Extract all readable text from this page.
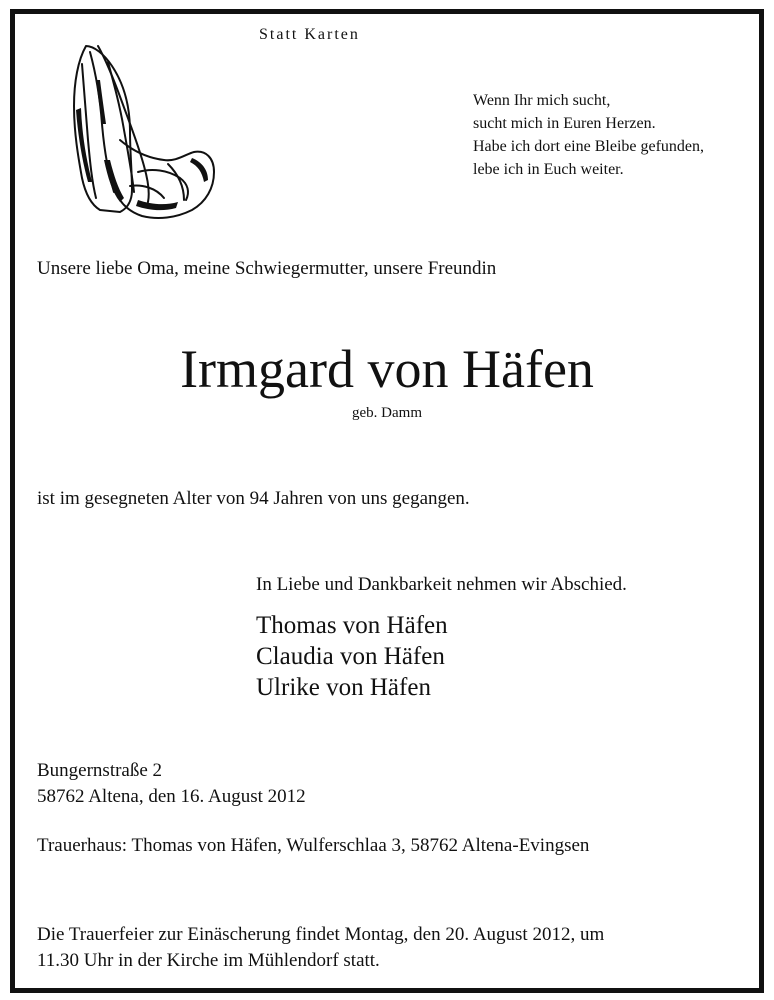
Statt Karten
Wenn Ihr mich sucht,
sucht mich in Euren Herzen.
Habe ich dort eine Bleibe gefunden,
lebe ich in Euch weiter.
Unsere liebe Oma, meine Schwiegermutter, unsere Freundin
Irmgard von Häfen
geb. Damm
ist im gesegneten Alter von 94 Jahren von uns gegangen.
In Liebe und Dankbarkeit nehmen wir Abschied.
Thomas von Häfen
Claudia von Häfen
Ulrike von Häfen
Bungernstraße 2
58762 Altena, den 16. August 2012
Trauerhaus: Thomas von Häfen, Wulferschlaa 3, 58762 Altena-Evingsen
Die Trauerfeier zur Einäscherung findet Montag, den 20. August 2012, um
11.30 Uhr in der Kirche im Mühlendorf statt.
